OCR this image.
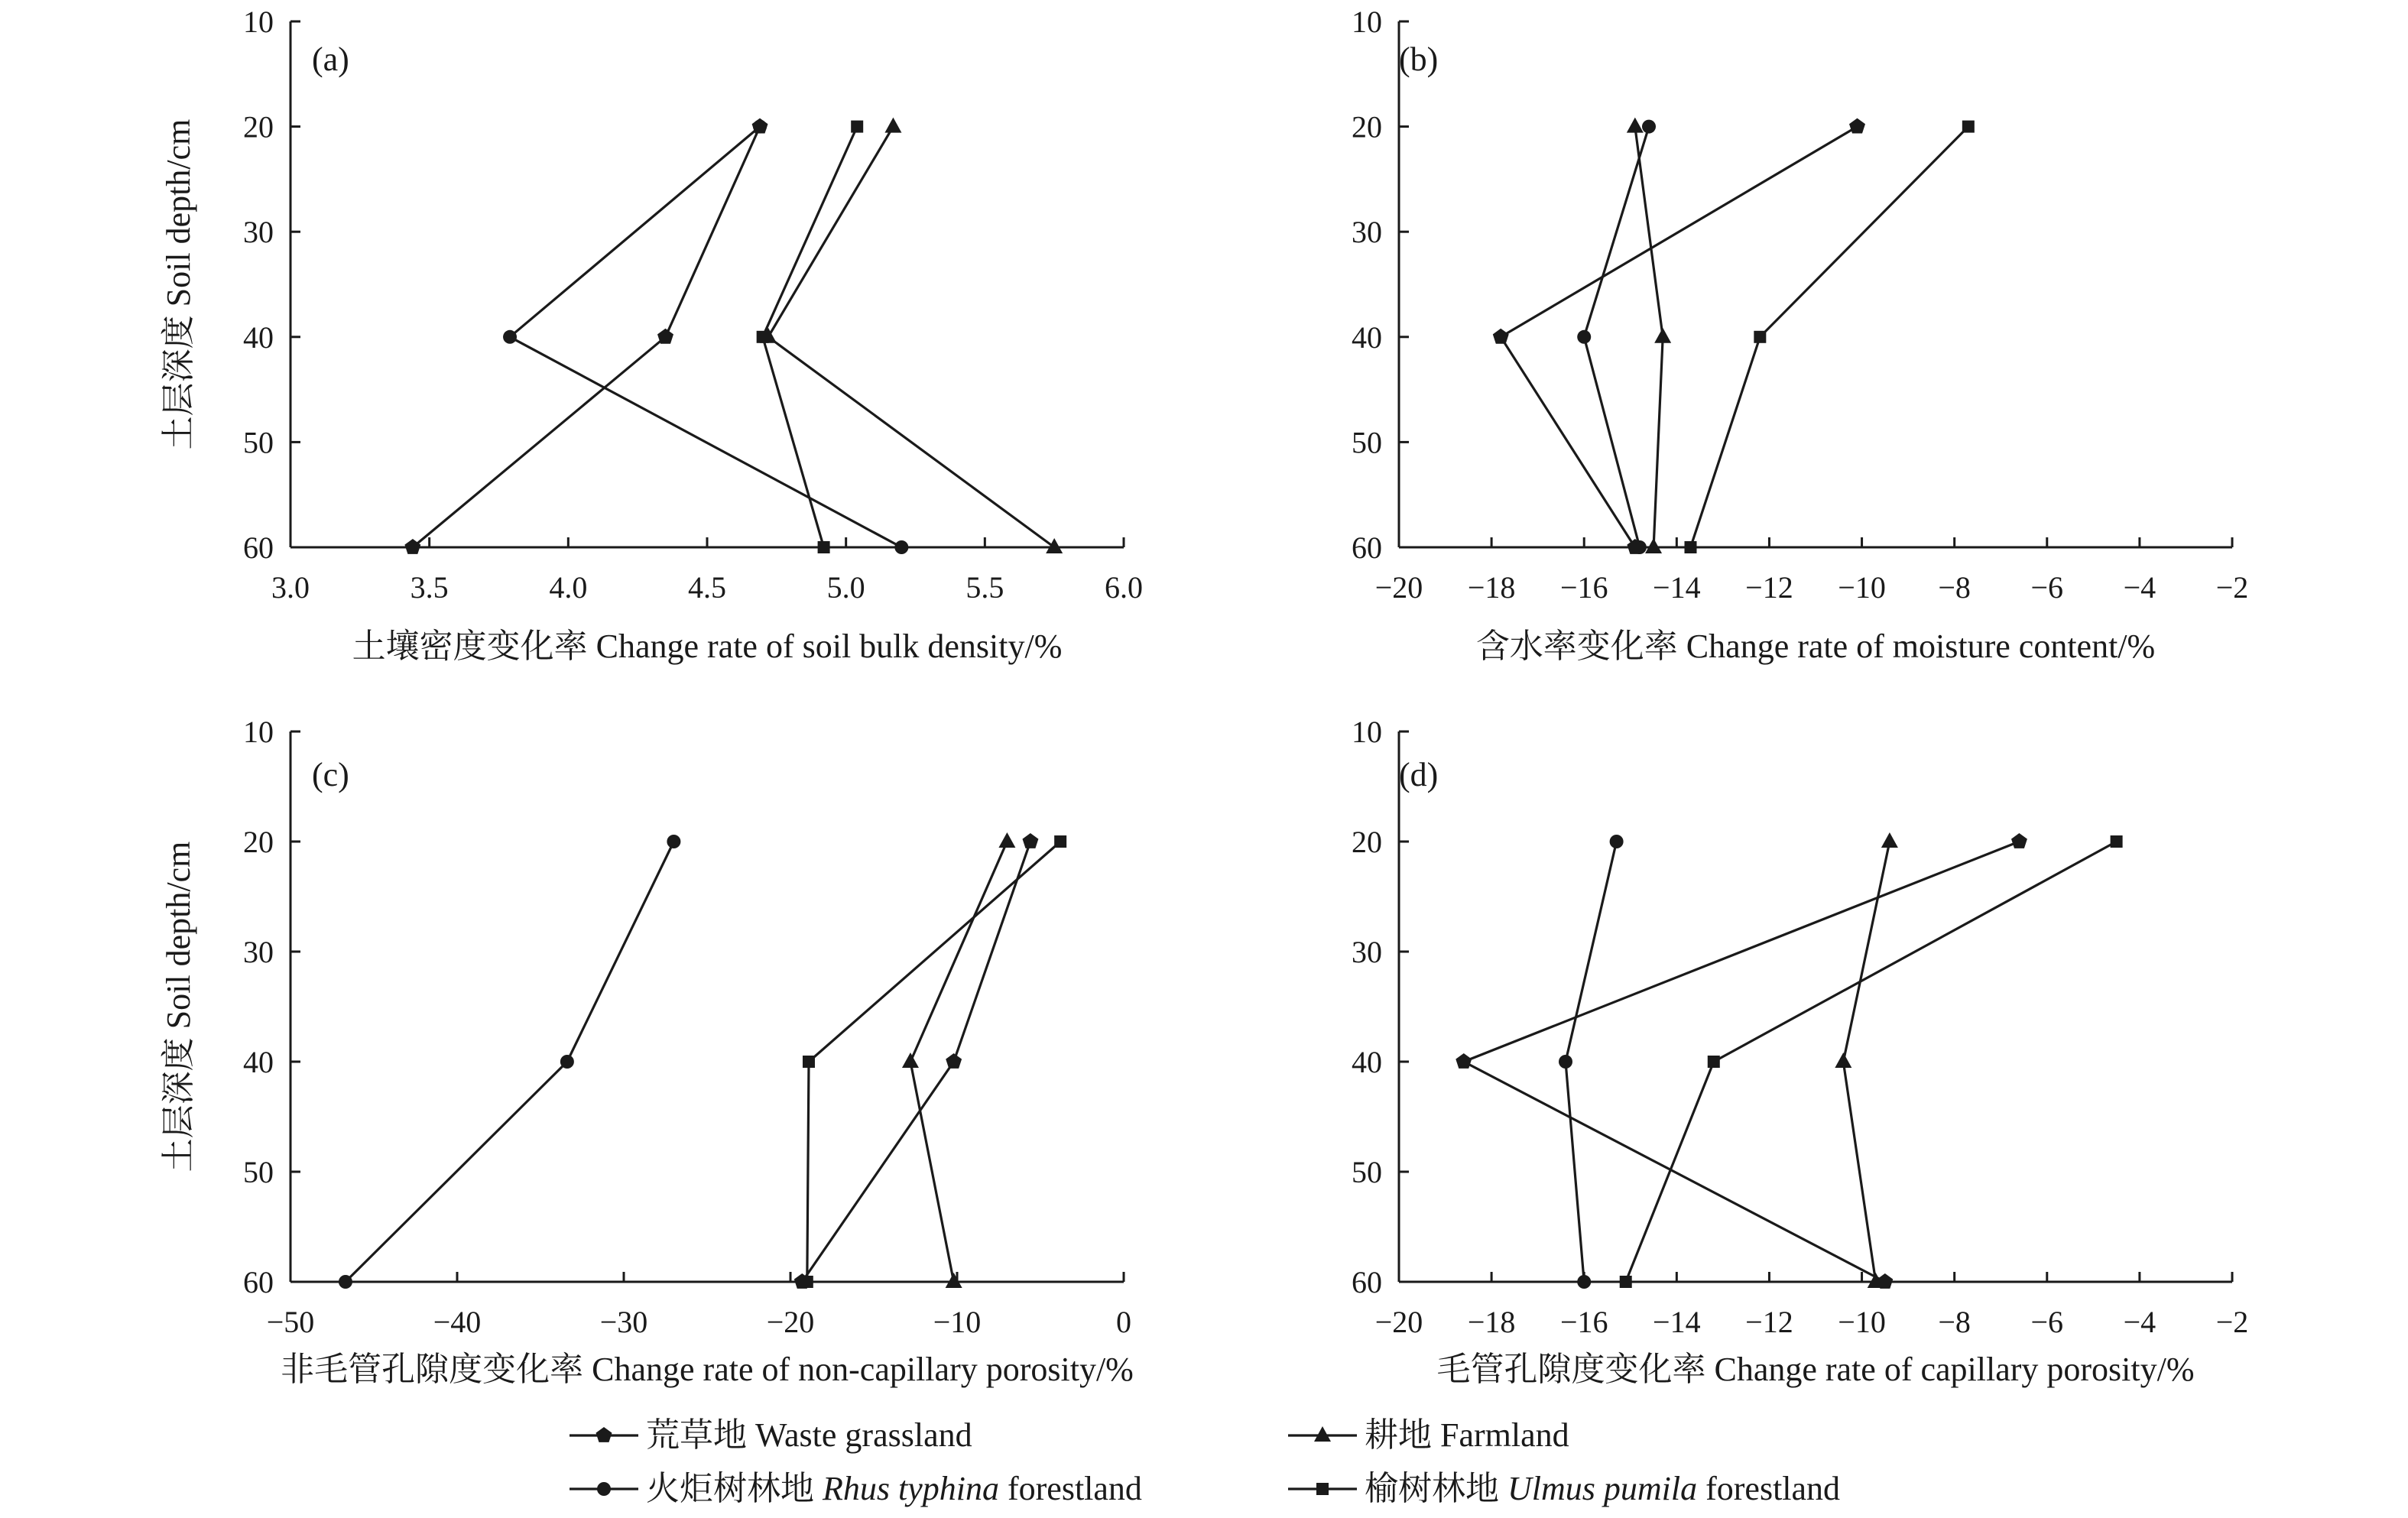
3.0	3.5	4.0	4.5	5.0	5.5	6.0
10
20
30
40
50
60
(a)
土壤密度变化率 Change rate of soil bulk density/%
土层深度 Soil depth/cm
−20 −18 −16 −14 −12 −10 −8 −6 −4 −2
10
20
30
40
50
60
(b)
含水率变化率 Change rate of moisture content/%
−50	−40	−30	−20	−10	0
10
20
30
40
50
60
(c)
非毛管孔隙度变化率 Change rate of non-capillary porosity/%
土层深度 Soil depth/cm
−20 −18 −16 −14 −12 −10 −8 −6 −4 −2
10
20
30
40
50
60
(d)
毛管孔隙度变化率 Change rate of capillary porosity/%
荒草地 Waste grassland	耕地 Farmland
火炬树林地 Rhus typhina forestland	榆树林地 Ulmus pumila forestland
